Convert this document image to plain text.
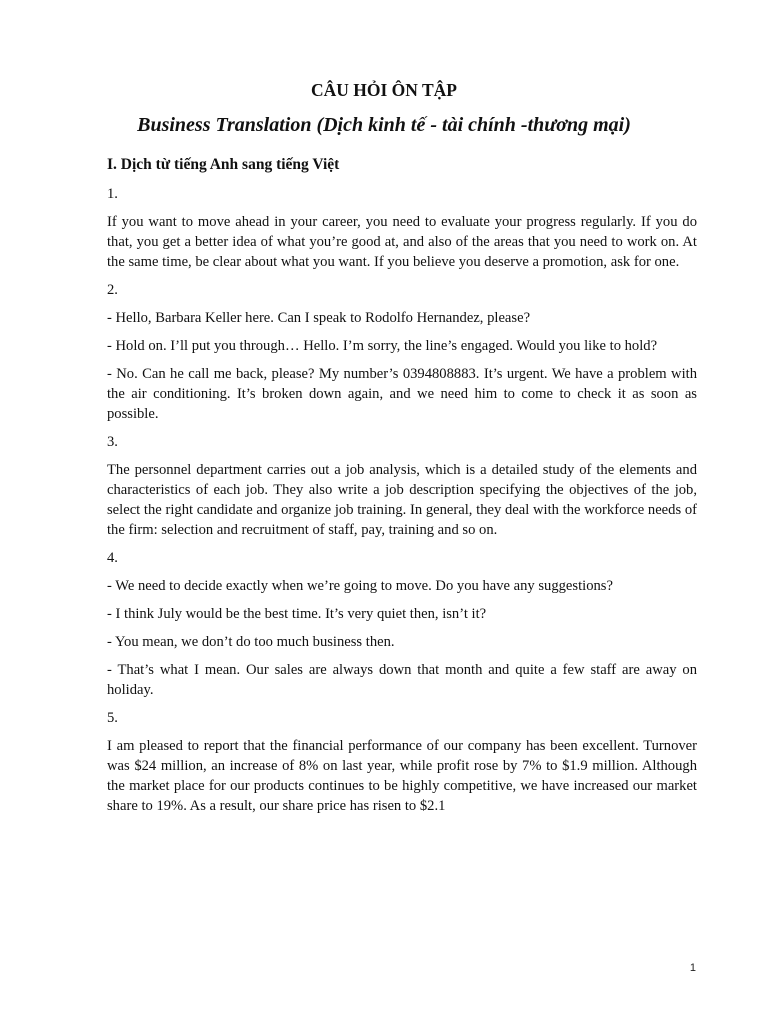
CÂU HỎI ÔN TẬP
Business Translation (Dịch kinh tế - tài chính -thương mại)
I. Dịch từ tiếng Anh sang tiếng Việt

1.

If you want to move ahead in your career, you need to evaluate your progress regularly. If you do that, you get a better idea of what you’re good at, and also of the areas that you need to work on. At the same time, be clear about what you want. If you believe you deserve a promotion, ask for one.

2.

- Hello, Barbara Keller here. Can I speak to Rodolfo Hernandez, please?

- Hold on. I’ll put you through… Hello. I’m sorry, the line’s engaged. Would you like to hold?

- No. Can he call me back, please? My number’s 0394808883. It’s urgent. We have a problem with the air conditioning. It’s broken down again, and we need him to come to check it as soon as possible.

3.

The personnel department carries out a job analysis, which is a detailed study of the elements and characteristics of each job. They also write a job description specifying the objectives of the job, select the right candidate and organize job training. In general, they deal with the workforce needs of the firm: selection and recruitment of staff, pay, training and so on.

4.

- We need to decide exactly when we’re going to move. Do you have any suggestions?

- I think July would be the best time. It’s very quiet then, isn’t it?

- You mean, we don’t do too much business then.

- That’s what I mean. Our sales are always down that month and quite a few staff are away on holiday.

5.

I am pleased to report that the financial performance of our company has been excellent. Turnover was $24 million, an increase of 8% on last year, while profit rose by 7% to $1.9 million. Although the market place for our products continues to be highly competitive, we have increased our market share to 19%. As a result, our share price has risen to $2.1

1
